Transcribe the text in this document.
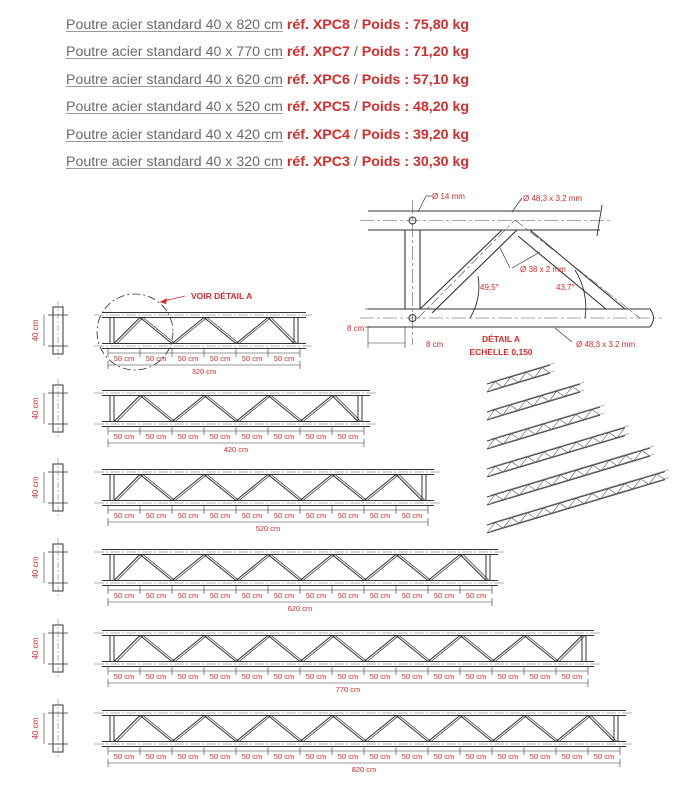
Poutre acier standard 40 x 820 cm réf. XPC8 / Poids : 75,80 kg
Poutre acier standard 40 x 770 cm réf. XPC7 / Poids : 71,20 kg
Poutre acier standard 40 x 620 cm réf. XPC6 / Poids : 57,10 kg
Poutre acier standard 40 x 520 cm réf. XPC5 / Poids : 48,20 kg
Poutre acier standard 40 x 420 cm réf. XPC4 / Poids : 39,20 kg
Poutre acier standard 40 x 320 cm réf. XPC3 / Poids : 30,30 kg
Ø 14 mm	Ø 48,3 x 3,2 mm
Ø 38 x 2 mm
49,5°	43,7°
8 cm
8 cm
DÉTAIL A
ECHELLE 0,150
Ø 48,3 x 3,2 mm
40 cm
50 cm 50 cm 50 cm 50 cm 50 cm 50 cm
320 cm
40 cm
50 cm 50 cm 50 cm 50 cm 50 cm 50 cm 50 cm 50 cm
420 cm
40 cm
50 cm 50 cm 50 cm 50 cm 50 cm 50 cm 50 cm 50 cm 50 cm 50 cm
520 cm
40 cm
50 cm 50 cm 50 cm 50 cm 50 cm 50 cm 50 cm 50 cm 50 cm 50 cm 50 cm 50 cm
620 cm
40 cm
50 cm 50 cm 50 cm 50 cm 50 cm 50 cm 50 cm 50 cm 50 cm 50 cm 50 cm 50 cm 50 cm 50 cm 50 cm
770 cm
40 cm
50 cm 50 cm 50 cm 50 cm 50 cm 50 cm 50 cm 50 cm 50 cm 50 cm 50 cm 50 cm 50 cm 50 cm 50 cm 50 cm
820 cm
VOIR DÉTAIL A
